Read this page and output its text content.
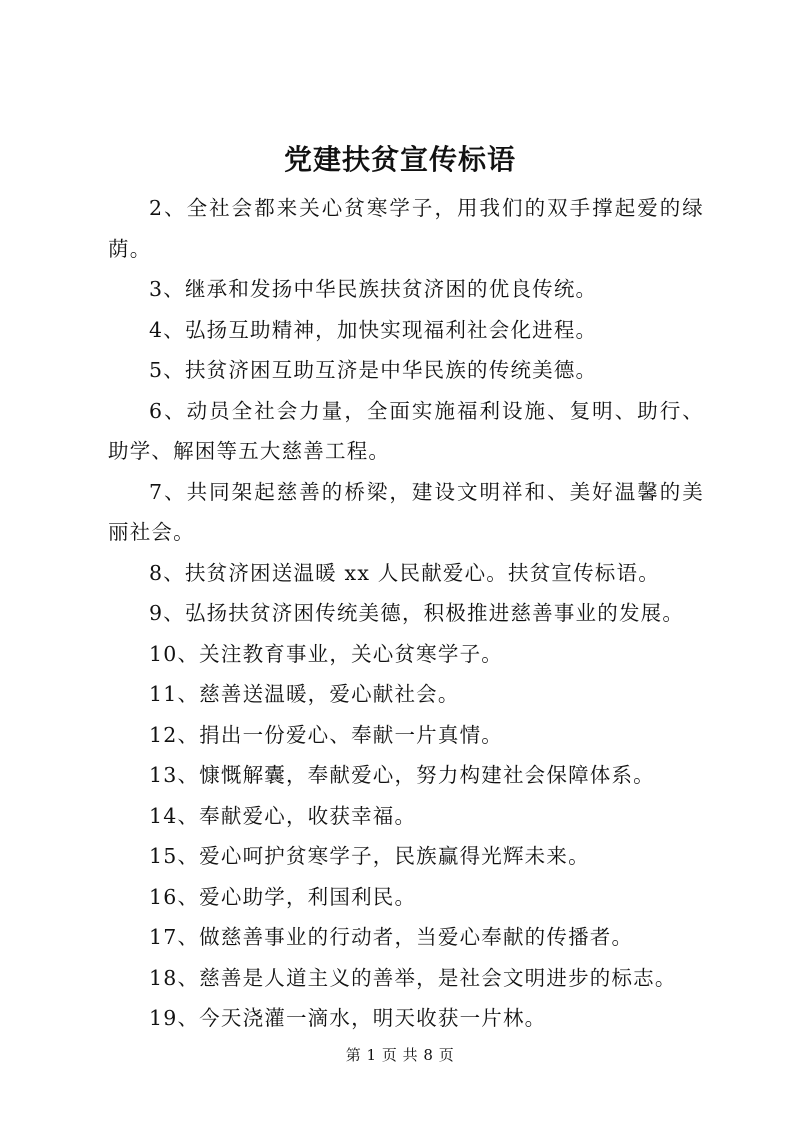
党建扶贫宣传标语

2、全社会都来关心贫寒学子，用我们的双手撑起爱的绿荫。

3、继承和发扬中华民族扶贫济困的优良传统。

4、弘扬互助精神，加快实现福利社会化进程。

5、扶贫济困互助互济是中华民族的传统美德。

6、动员全社会力量，全面实施福利设施、复明、助行、助学、解困等五大慈善工程。

7、共同架起慈善的桥梁，建设文明祥和、美好温馨的美丽社会。

8、扶贫济困送温暖 xx 人民献爱心。扶贫宣传标语。

9、弘扬扶贫济困传统美德，积极推进慈善事业的发展。

10、关注教育事业，关心贫寒学子。

11、慈善送温暖，爱心献社会。

12、捐出一份爱心、奉献一片真情。

13、慷慨解囊，奉献爱心，努力构建社会保障体系。

14、奉献爱心，收获幸福。

15、爱心呵护贫寒学子，民族赢得光辉未来。

16、爱心助学，利国利民。

17、做慈善事业的行动者，当爱心奉献的传播者。

18、慈善是人道主义的善举，是社会文明进步的标志。

19、今天浇灌一滴水，明天收获一片林。

第 1 页 共 8 页
